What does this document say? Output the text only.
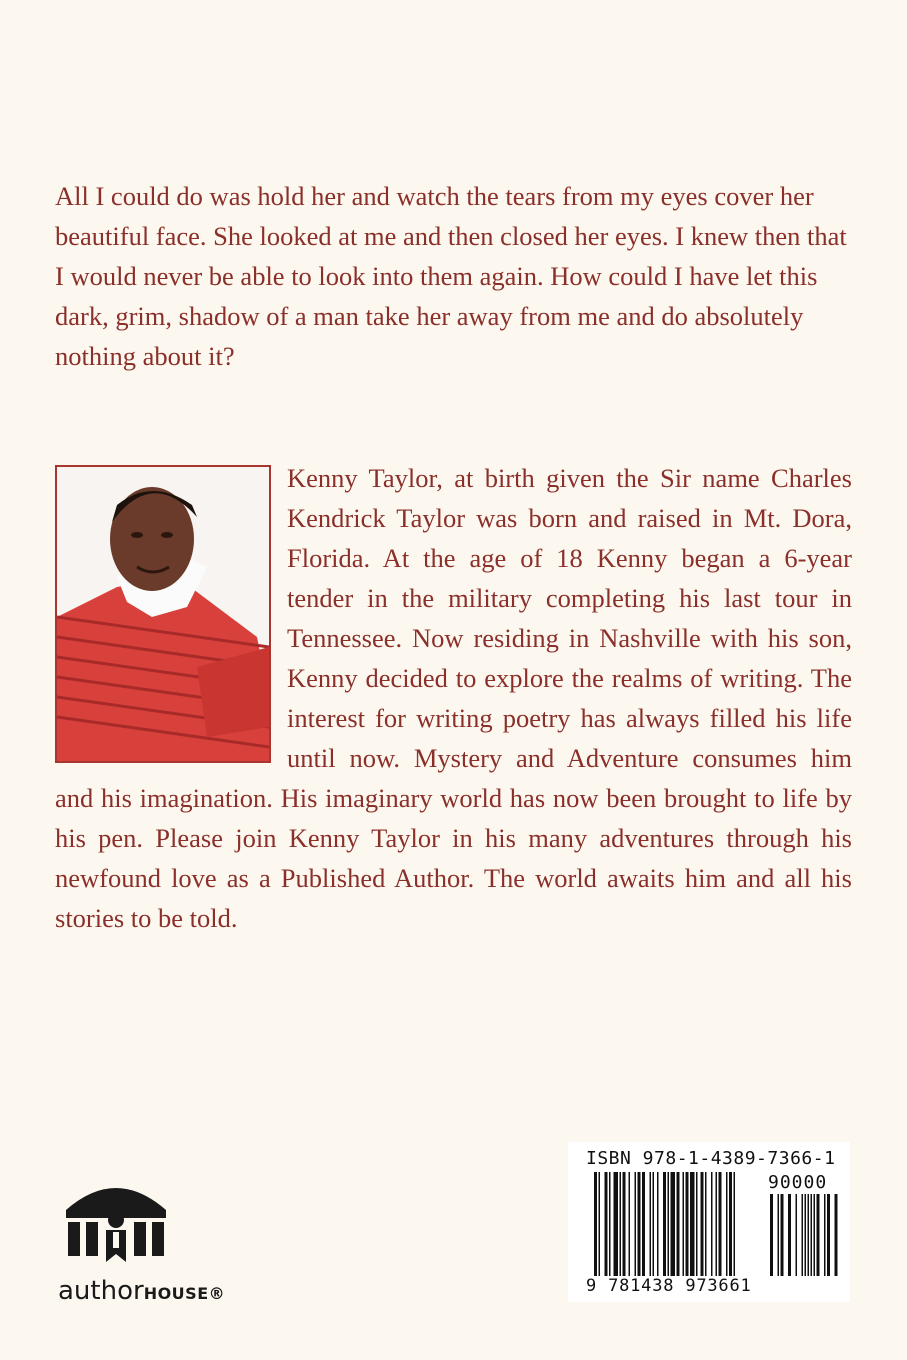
All I could do was hold her and watch the tears from my eyes cover her beautiful face. She looked at me and then closed her eyes. I knew then that I would never be able to look into them again. How could I have let this dark, grim, shadow of a man take her away from me and do absolutely nothing about it?

Kenny Taylor, at birth given the Sir name Charles Kendrick Taylor was born and raised in Mt. Dora, Florida. At the age of 18 Kenny began a 6-year tender in the military completing his last tour in Tennessee. Now residing in Nashville with his son, Kenny decided to explore the realms of writing. The interest for writing poetry has always filled his life until now. Mystery and Adventure consumes him and his imagination. His imaginary world has now been brought to life by his pen. Please join Kenny Taylor in his many adventures through his newfound love as a Published Author. The world awaits him and all his stories to be told.
authorHOUSE®
ISBN 978-1-4389-7366-1
90000
9 781438 973661
